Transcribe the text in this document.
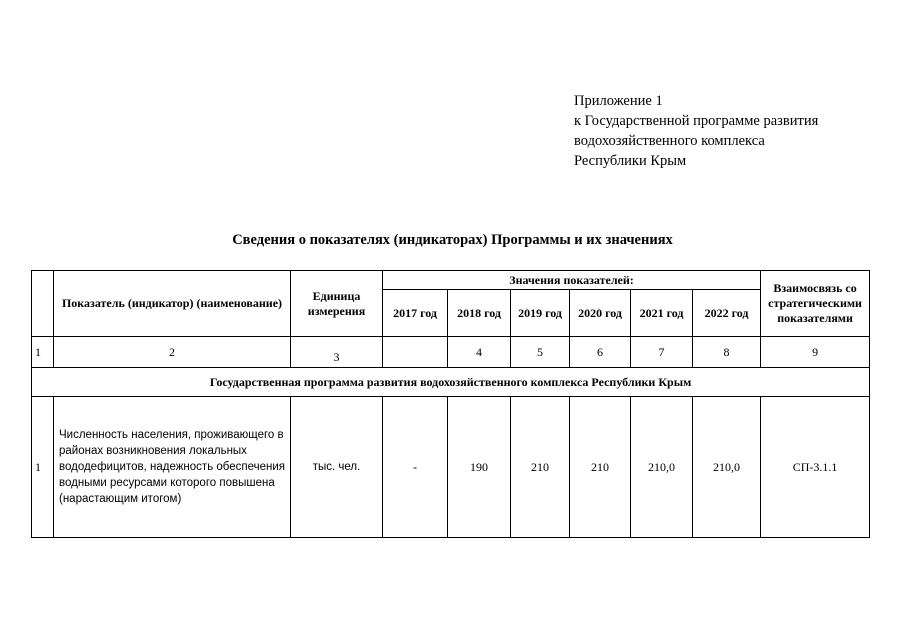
Приложение 1
к Государственной программе развития
водохозяйственного комплекса
Республики Крым
Сведения о показателях (индикаторах) Программы и их значениях
	Показатель (индикатор) (наименование)	Единица измерения	Значения показателей:						Взаимосвязь со стратегическими показателями
			2017 год	2018 год	2019 год	2020 год	2021 год	2022 год	
1	2	3		4	5	6	7	8	9
Государственная программа развития водохозяйственного комплекса Республики Крым									
1	Численность населения, проживающего в районах возникновения локальных вододефицитов, надежность обеспечения водными ресурсами которого повышена (нарастающим итогом)	тыс. чел.	-	190	210	210	210,0	210,0	СП-3.1.1
